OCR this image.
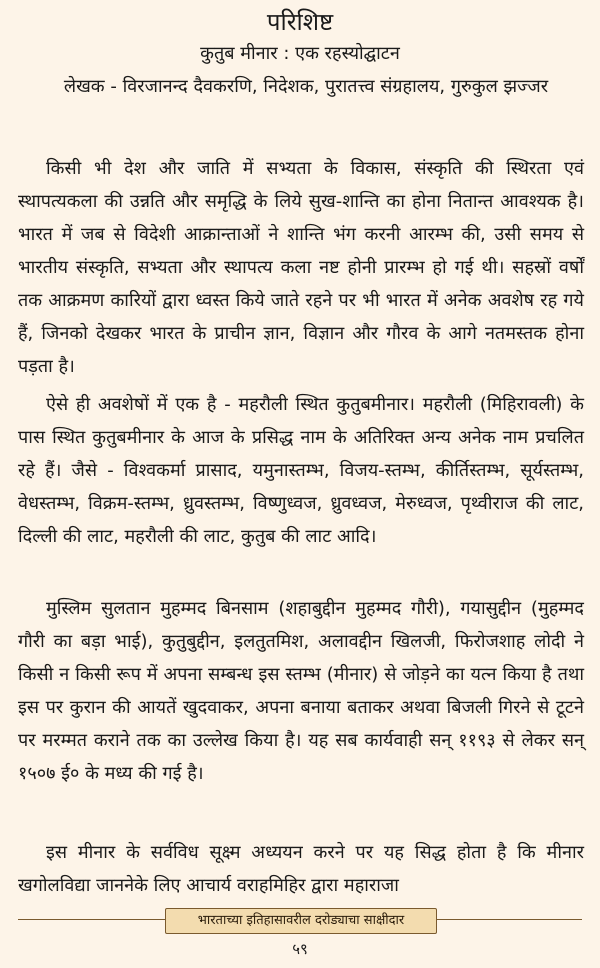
परिशिष्ट
कुतुब मीनार : एक रहस्योद्घाटन
लेखक - विरजानन्द दैवकरणि, निदेशक, पुरातत्त्व संग्रहालय, गुरुकुल झज्जर

किसी भी देश और जाति में सभ्यता के विकास, संस्कृति की स्थिरता एवं स्थापत्यकला की उन्नति और समृद्धि के लिये सुख-शान्ति का होना नितान्त आवश्यक है। भारत में जब से विदेशी आक्रान्ताओं ने शान्ति भंग करनी आरम्भ की, उसी समय से भारतीय संस्कृति, सभ्यता और स्थापत्य कला नष्ट होनी प्रारम्भ हो गई थी। सहस्रों वर्षों तक आक्रमण कारियों द्वारा ध्वस्त किये जाते रहने पर भी भारत में अनेक अवशेष रह गये हैं, जिनको देखकर भारत के प्राचीन ज्ञान, विज्ञान और गौरव के आगे नतमस्तक होना पड़ता है।

ऐसे ही अवशेषों में एक है - महरौली स्थित कुतुबमीनार। महरौली (मिहिरावली) के पास स्थित कुतुबमीनार के आज के प्रसिद्ध नाम के अतिरिक्त अन्य अनेक नाम प्रचलित रहे हैं। जैसे - विश्वकर्मा प्रासाद, यमुनास्तम्भ, विजय-स्तम्भ, कीर्तिस्तम्भ, सूर्यस्तम्भ, वेधस्तम्भ, विक्रम-स्तम्भ, ध्रुवस्तम्भ, विष्णुध्वज, ध्रुवध्वज, मेरुध्वज, पृथ्वीराज की लाट, दिल्ली की लाट, महरौली की लाट, कुतुब की लाट आदि।

मुस्लिम सुलतान मुहम्मद बिनसाम (शहाबुद्दीन मुहम्मद गौरी), गयासुद्दीन (मुहम्मद गौरी का बड़ा भाई), कुतुबुद्दीन, इलतुतमिश, अलावद्दीन खिलजी, फिरोजशाह लोदी ने किसी न किसी रूप में अपना सम्बन्ध इस स्तम्भ (मीनार) से जोड़ने का यत्न किया है तथा इस पर कुरान की आयतें खुदवाकर, अपना बनाया बताकर अथवा बिजली गिरने से टूटने पर मरम्मत कराने तक का उल्लेख किया है। यह सब कार्यवाही सन् ११९३ से लेकर सन् १५०७ ई० के मध्य की गई है।

इस मीनार के सर्वविध सूक्ष्म अध्ययन करने पर यह सिद्ध होता है कि मीनार खगोलविद्या जाननेके लिए आचार्य वराहमिहिर द्वारा महाराजा

भारताच्या इतिहासावरील दरोड्याचा साक्षीदार
५९
